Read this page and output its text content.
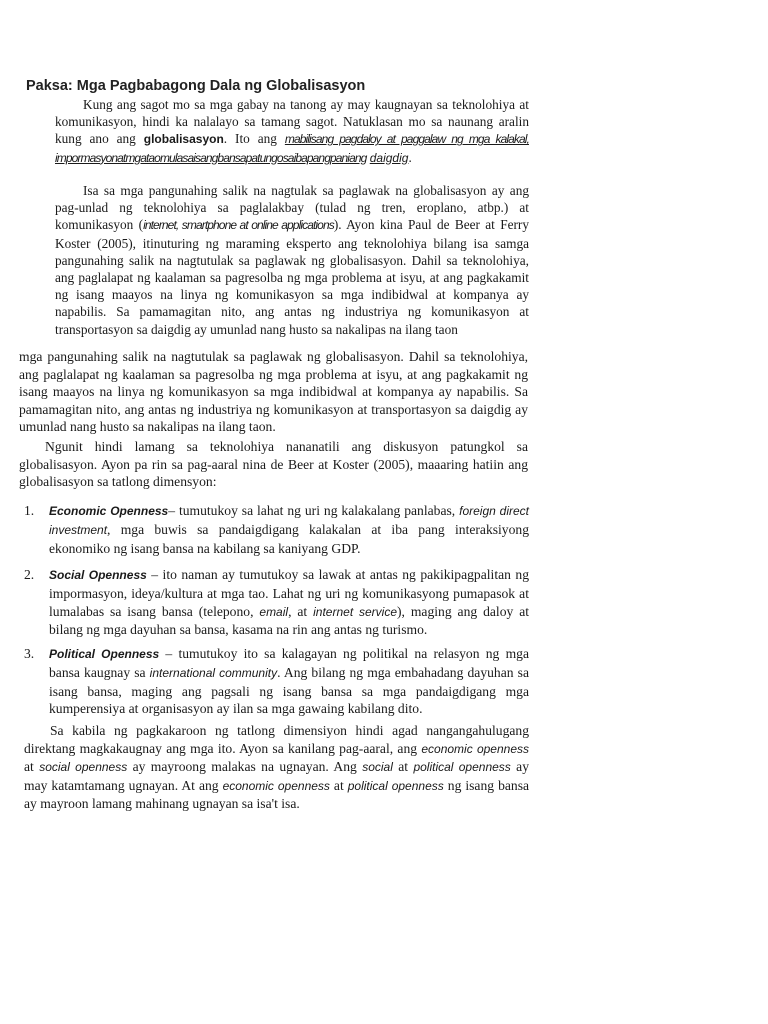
Paksa: Mga Pagbabagong Dala ng Globalisasyon

Kung ang sagot mo sa mga gabay na tanong ay may kaugnayan sa teknolohiya at komunikasyon, hindi ka nalalayo sa tamang sagot. Natuklasan mo sa naunang aralin kung ano ang globalisasyon. Ito ang mabilisang pagdaloy at paggalaw ng mga kalakal, impormasyonatmgataomulasaisangbansapatungosaibapangpaniang daigdig.

Isa sa mga pangunahing salik na nagtulak sa paglawak na globalisasyon ay ang pag-unlad ng teknolohiya sa paglalakbay (tulad ng tren, eroplano, atbp.) at komunikasyon (internet, smartphone at online applications). Ayon kina Paul de Beer at Ferry Koster (2005), itinuturing ng maraming eksperto ang teknolohiya bilang isa samga pangunahing salik na nagtutulak sa paglawak ng globalisasyon. Dahil sa teknolohiya, ang paglalapat ng kaalaman sa pagresolba ng mga problema at isyu, at ang pagkakamit ng isang maayos na linya ng komunikasyon sa mga indibidwal at kompanya ay napabilis. Sa pamamagitan nito, ang antas ng industriya ng komunikasyon at transportasyon sa daigdig ay umunlad nang husto sa nakalipas na ilang taon

mga pangunahing salik na nagtutulak sa paglawak ng globalisasyon. Dahil sa teknolohiya, ang paglalapat ng kaalaman sa pagresolba ng mga problema at isyu, at ang pagkakamit ng isang maayos na linya ng komunikasyon sa mga indibidwal at kompanya ay napabilis. Sa pamamagitan nito, ang antas ng industriya ng komunikasyon at transportasyon sa daigdig ay umunlad nang husto sa nakalipas na ilang taon.

Ngunit hindi lamang sa teknolohiya nananatili ang diskusyon patungkol sa globalisasyon. Ayon pa rin sa pag-aaral nina de Beer at Koster (2005), maaaring hatiin ang globalisasyon sa tatlong dimensyon:

1. Economic Openness– tumutukoy sa lahat ng uri ng kalakalang panlabas, foreign direct investment, mga buwis sa pandaigdigang kalakalan at iba pang interaksiyong ekonomiko ng isang bansa na kabilang sa kaniyang GDP.
2. Social Openness – ito naman ay tumutukoy sa lawak at antas ng pakikipagpalitan ng impormasyon, ideya/kultura at mga tao. Lahat ng uri ng komunikasyong pumapasok at lumalabas sa isang bansa (telepono, email, at internet service), maging ang daloy at bilang ng mga dayuhan sa bansa, kasama na rin ang antas ng turismo.
3. Political Openness – tumutukoy ito sa kalagayan ng politikal na relasyon ng mga bansa kaugnay sa international community. Ang bilang ng mga embahadang dayuhan sa isang bansa, maging ang pagsali ng isang bansa sa mga pandaigdigang mga kumperensiya at organisasyon ay ilan sa mga gawaing kabilang dito.

Sa kabila ng pagkakaroon ng tatlong dimensiyon hindi agad nangangahulugang direktang magkakaugnay ang mga ito. Ayon sa kanilang pag-aaral, ang economic openness at social openness ay mayroong malakas na ugnayan. Ang social at political openness ay may katamtamang ugnayan. At ang economic openness at political openness ng isang bansa ay mayroon lamang mahinang ugnayan sa isa't isa.
